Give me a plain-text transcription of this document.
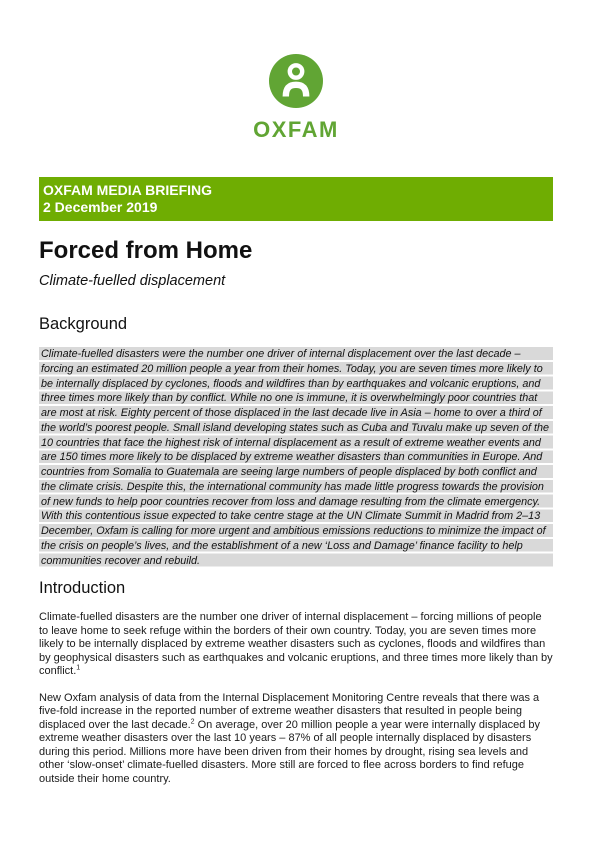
OXFAM
OXFAM MEDIA BRIEFING
2 December 2019
Forced from Home
Climate-fuelled displacement
Background
Climate-fuelled disasters were the number one driver of internal displacement over the last decade – forcing an estimated 20 million people a year from their homes. Today, you are seven times more likely to be internally displaced by cyclones, floods and wildfires than by earthquakes and volcanic eruptions, and three times more likely than by conflict. While no one is immune, it is overwhelmingly poor countries that are most at risk. Eighty percent of those displaced in the last decade live in Asia – home to over a third of the world’s poorest people. Small island developing states such as Cuba and Tuvalu make up seven of the 10 countries that face the highest risk of internal displacement as a result of extreme weather events and are 150 times more likely to be displaced by extreme weather disasters than communities in Europe. And countries from Somalia to Guatemala are seeing large numbers of people displaced by both conflict and the climate crisis. Despite this, the international community has made little progress towards the provision of new funds to help poor countries recover from loss and damage resulting from the climate emergency. With this contentious issue expected to take centre stage at the UN Climate Summit in Madrid from 2–13 December, Oxfam is calling for more urgent and ambitious emissions reductions to minimize the impact of the crisis on people’s lives, and the establishment of a new ‘Loss and Damage’ finance facility to help communities recover and rebuild.
Introduction

Climate-fuelled disasters are the number one driver of internal displacement – forcing millions of people to leave home to seek refuge within the borders of their own country. Today, you are seven times more likely to be internally displaced by extreme weather disasters such as cyclones, floods and wildfires than by geophysical disasters such as earthquakes and volcanic eruptions, and three times more likely than by conflict.$^1$

New Oxfam analysis of data from the Internal Displacement Monitoring Centre reveals that there was a five-fold increase in the reported number of extreme weather disasters that resulted in people being displaced over the last decade.$^2$ On average, over 20 million people a year were internally displaced by extreme weather disasters over the last 10 years – 87% of all people internally displaced by disasters during this period. Millions more have been driven from their homes by drought, rising sea levels and other ‘slow-onset’ climate-fuelled disasters. More still are forced to flee across borders to find refuge outside their home country.
